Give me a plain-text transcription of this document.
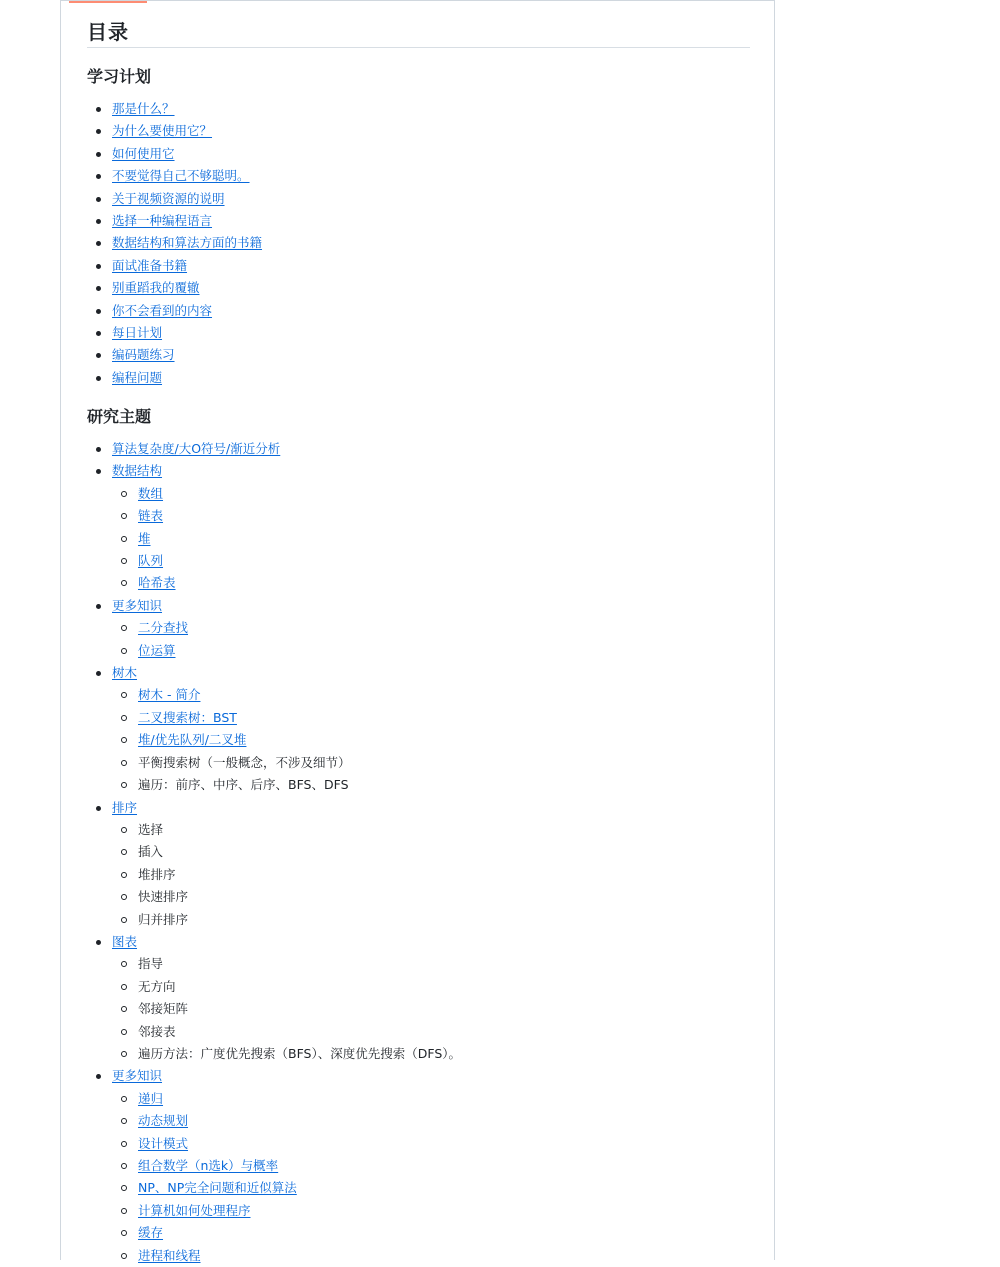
目录
学习计划
那是什么？
为什么要使用它？
如何使用它
不要觉得自己不够聪明。
关于视频资源的说明
选择一种编程语言
数据结构和算法方面的书籍
面试准备书籍
别重蹈我的覆辙
你不会看到的内容
每日计划
编码题练习
编程问题
研究主题
算法复杂度/大O符号/渐近分析
数据结构
数组
链表
堆
队列
哈希表
更多知识
二分查找
位运算
树木
树木 - 简介
二叉搜索树：BST
堆/优先队列/二叉堆
平衡搜索树（一般概念，不涉及细节）
遍历：前序、中序、后序、BFS、DFS
排序
选择
插入
堆排序
快速排序
归并排序
图表
指导
无方向
邻接矩阵
邻接表
遍历方法：广度优先搜索（BFS）、深度优先搜索（DFS）。
更多知识
递归
动态规划
设计模式
组合数学（n选k）与概率
NP、NP完全问题和近似算法
计算机如何处理程序
缓存
进程和线程
